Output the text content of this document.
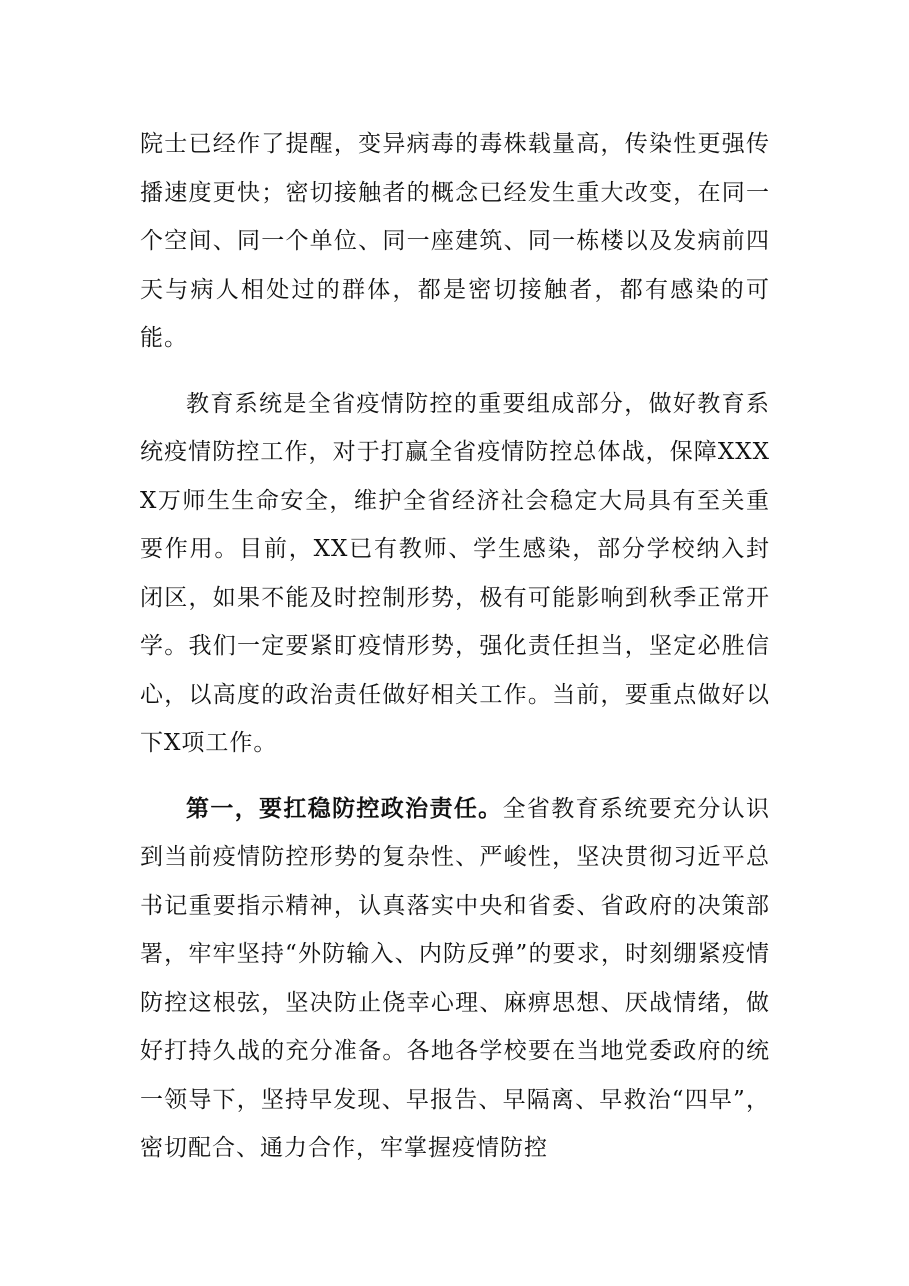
院士已经作了提醒，变异病毒的毒株载量高，传染性更强传播速度更快；密切接触者的概念已经发生重大改变，在同一个空间、同一个单位、同一座建筑、同一栋楼以及发病前四天与病人相处过的群体，都是密切接触者，都有感染的可能。

教育系统是全省疫情防控的重要组成部分，做好教育系统疫情防控工作，对于打赢全省疫情防控总体战，保障XXXX万师生生命安全，维护全省经济社会稳定大局具有至关重要作用。目前，XX已有教师、学生感染，部分学校纳入封闭区，如果不能及时控制形势，极有可能影响到秋季正常开学。我们一定要紧盯疫情形势，强化责任担当，坚定必胜信心，以高度的政治责任做好相关工作。当前，要重点做好以下X项工作。

第一，要扛稳防控政治责任。全省教育系统要充分认识到当前疫情防控形势的复杂性、严峻性，坚决贯彻习近平总书记重要指示精神，认真落实中央和省委、省政府的决策部署，牢牢坚持“外防输入、内防反弹”的要求，时刻绷紧疫情防控这根弦，坚决防止侥幸心理、麻痹思想、厌战情绪，做好打持久战的充分准备。各地各学校要在当地党委政府的统一领导下，坚持早发现、早报告、早隔离、早救治“四早”，密切配合、通力合作，牢掌握疫情防控
